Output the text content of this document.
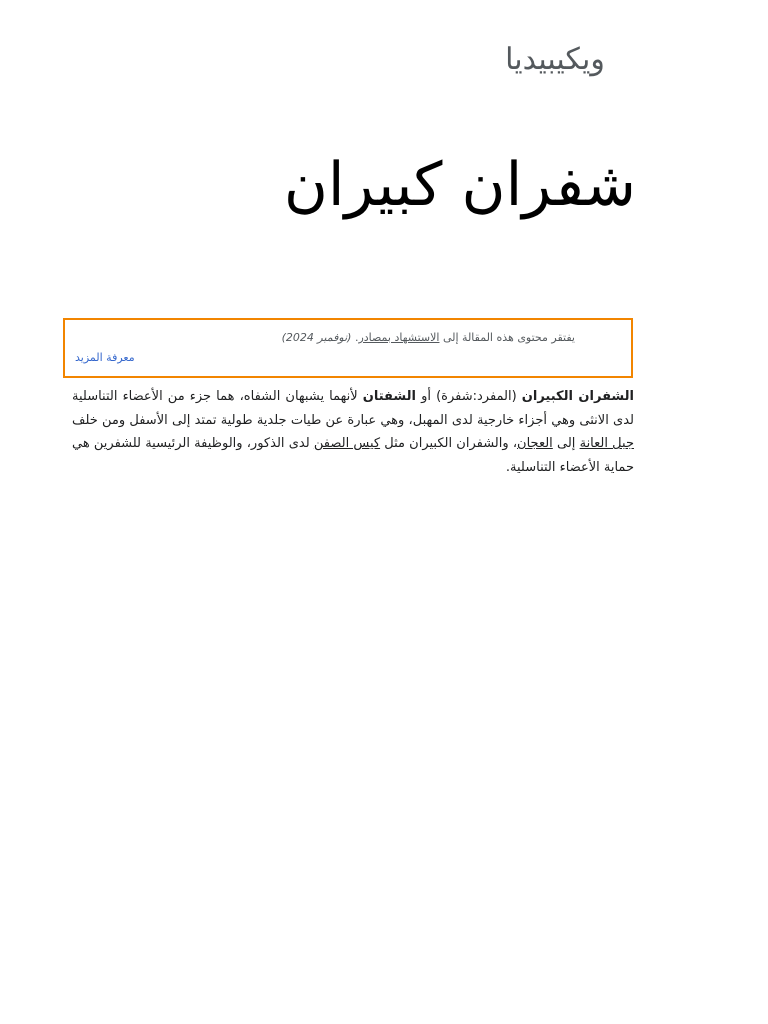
ويكيبيديا
شفران كبيران
يفتقر محتوى هذه المقالة إلى الاستشهاد بمصادر. (نوفمبر 2024)
معرفة المزيد

الشفران الكبيران (المفرد:شفرة) أو الشفتان لأنهما يشبهان الشفاه، هما جزء من الأعضاء التناسلية لدى الانثى وهي أجزاء خارجية لدى المهبل، وهي عبارة عن طيات جلدية طولية تمتد إلى الأسفل ومن خلف جبل العانة إلى العجان، والشفران الكبيران مثل كيس الصفن لدى الذكور، والوظيفة الرئيسية للشفرين هي حماية الأعضاء التناسلية.
